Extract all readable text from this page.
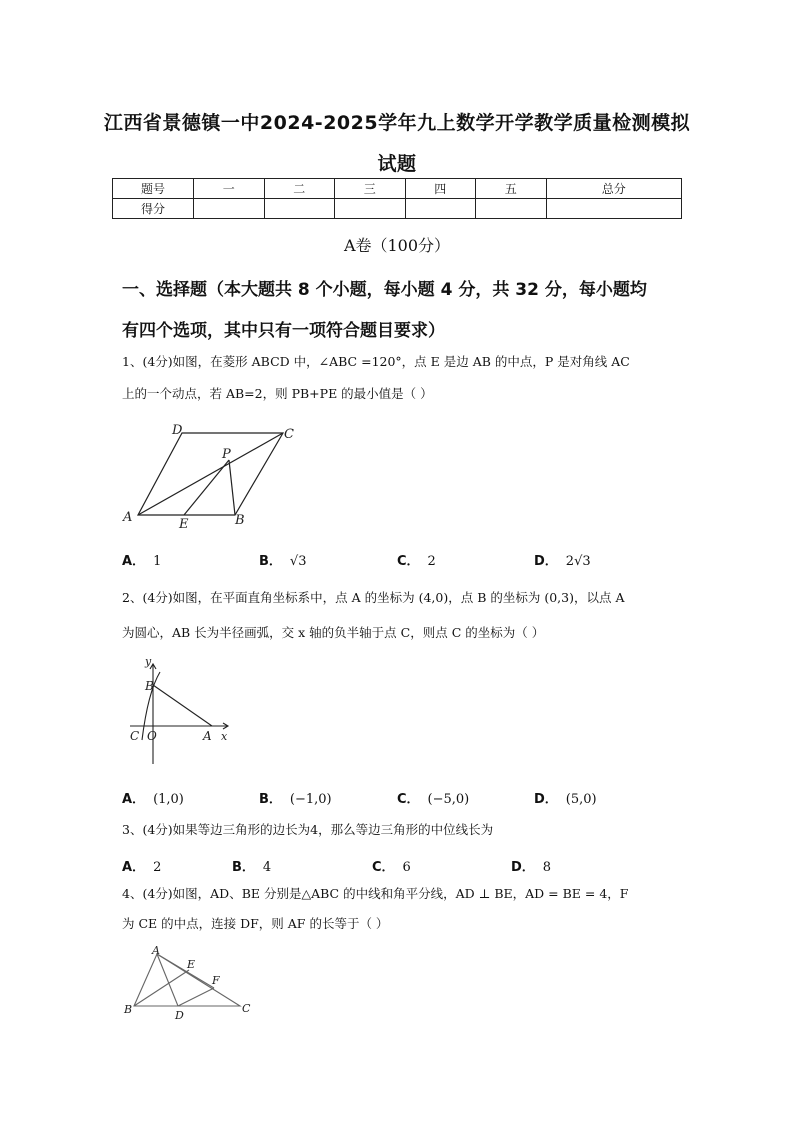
江西省景德镇一中2024-2025学年九上数学开学教学质量检测模拟
试题
题号	一	二	三	四	五	总分
得分						
A卷（100分）
一、选择题（本大题共 8 个小题，每小题 4 分，共 32 分，每小题均
有四个选项，其中只有一项符合题目要求）
1、(4分)如图，在菱形 ABCD 中，∠ABC =120°，点 E 是边 AB 的中点，P 是对角线 AC
上的一个动点，若 AB=2，则 PB+PE 的最小值是（ ）
D	C
P
A	E	B
A． 1	B． √3	C． 2	D． 2√3
2、(4分)如图，在平面直角坐标系中，点 A 的坐标为 (4,0)，点 B 的坐标为 (0,3)，以点 A
为圆心，AB 长为半径画弧，交 x 轴的负半轴于点 C，则点 C 的坐标为（ ）
y
B
C O	A x
A． (1,0)	B． (−1,0)	C． (−5,0)	D． (5,0)
3、(4分)如果等边三角形的边长为4，那么等边三角形的中位线长为
A． 2	B． 4	C． 6	D． 8
4、(4分)如图，AD、BE 分别是△ABC 的中线和角平分线，AD ⊥ BE，AD = BE = 4，F
为 CE 的中点，连接 DF，则 AF 的长等于（ ）
A
E
F
B	D
C
